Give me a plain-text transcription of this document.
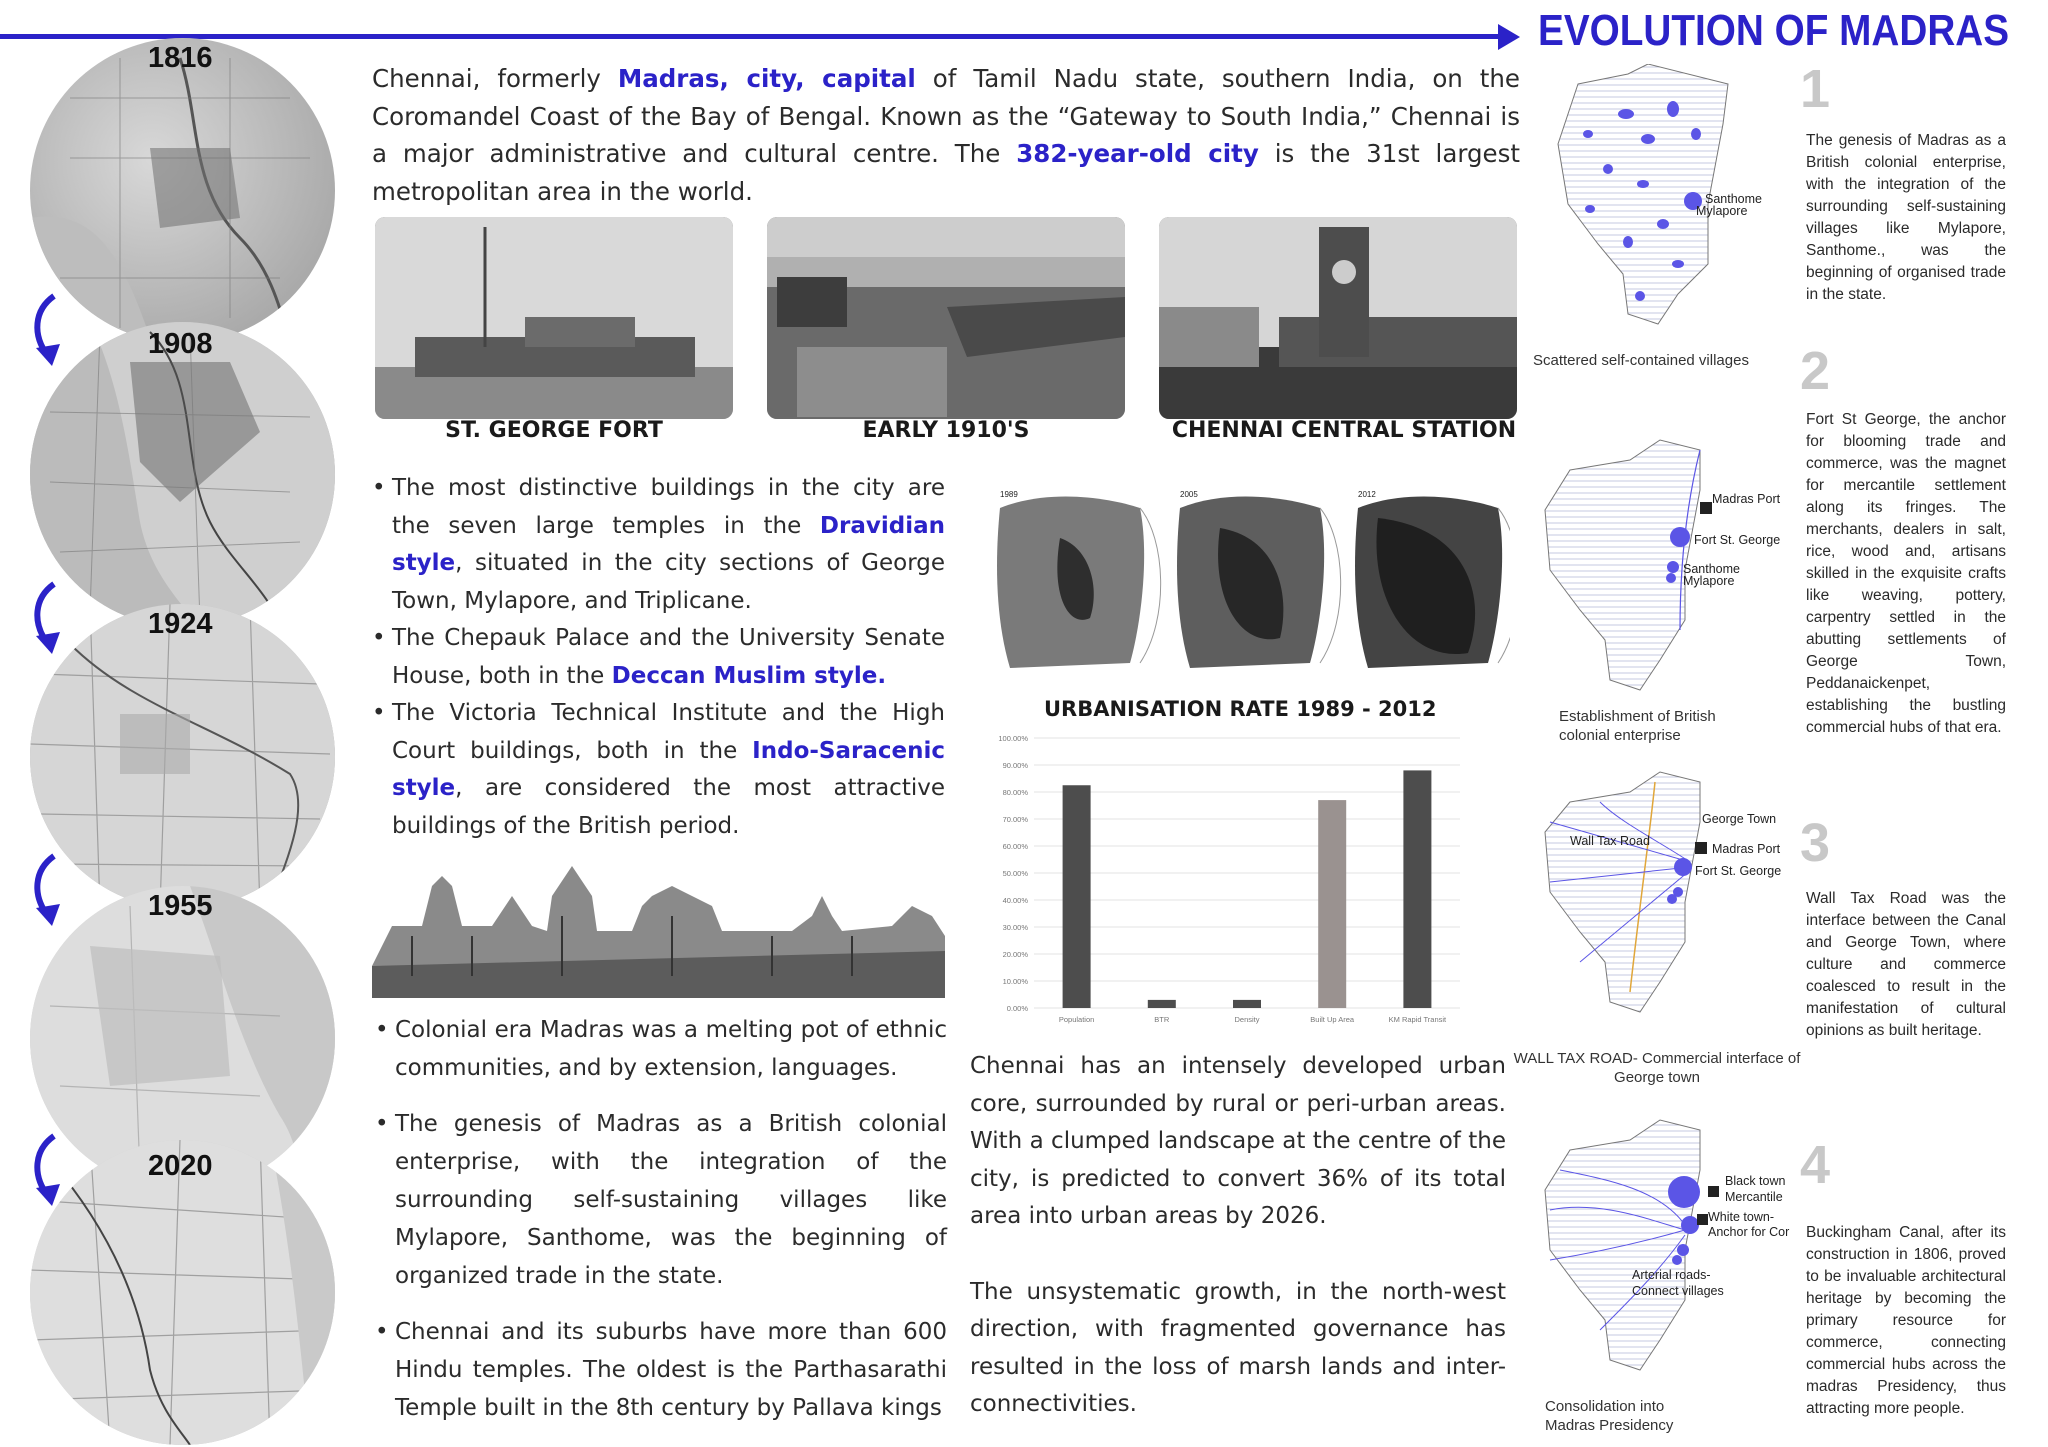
EVOLUTION OF MADRAS
1816
1908
1924
1955
2020
Chennai, formerly Madras, city, capital of Tamil Nadu state, southern India, on the Coromandel Coast of the Bay of Bengal. Known as the “Gateway to South India,” Chennai is a major administrative and cultural centre. The 382-year-old city is the 31st largest metropolitan area in the world.
ST. GEORGE FORT	EARLY 1910'S	CHENNAI CENTRAL STATION
• The most distinctive buildings in the city are the seven large temples in the Dravidian style, situated in the city sections of George Town, Mylapore, and Triplicane.
• The Chepauk Palace and the University Senate House, both in the Deccan Muslim style.
• The Victoria Technical Institute and the High Court buildings, both in the Indo-Saracenic style, are considered the most attractive buildings of the British period.
• Colonial era Madras was a melting pot of ethnic communities, and by extension, languages.
• The genesis of Madras as a British colonial enterprise, with the integration of the surrounding self-sustaining villages like Mylapore, Santhome, was the beginning of organized trade in the state.
• Chennai and its suburbs have more than 600 Hindu temples. The oldest is the Parthasarathi Temple built in the 8th century by Pallava kings
1989	2005	2012
URBANISATION RATE 1989 - 2012
0.00%
10.00%
20.00%
30.00%
40.00%
50.00%
60.00%
70.00%
80.00%
90.00%
100.00%
Population	BTR	Density	Built Up Area	KM Rapid Transit
Chennai has an intensely developed urban core, surrounded by rural or peri-urban areas. With a clumped landscape at the centre of the city, is predicted to convert 36% of its total area into urban areas by 2026.
The unsystematic growth, in the north-west direction, with fragmented governance has resulted in the loss of marsh lands and inter-connectivities.
Santhome
Mylapore
Scattered self-contained villages
Madras Port
Fort St. George
Santhome
Mylapore
Establishment of British colonial enterprise
Wall Tax Road
George Town
Madras Port
Fort St. George
WALL TAX ROAD- Commercial interface of George town
Black town
Mercantile
White town-
Anchor for Cor
Arterial roads-
Connect villages
Consolidation into Madras Presidency
1
The genesis of Madras as a British colonial enterprise, with the integration of the surrounding self-sustaining villages like Mylapore, Santhome., was the beginning of organised trade in the state.
2
Fort St George, the anchor for blooming trade and commerce, was the magnet for mercantile settlement along its fringes. The merchants, dealers in salt, rice, wood and, artisans skilled in the exquisite crafts like weaving, pottery, carpentry settled in the abutting settlements of George Town, Peddanaickenpet, establishing the bustling commercial hubs of that era.
3
Wall Tax Road was the interface between the Canal and George Town, where culture and commerce coalesced to result in the manifestation of cultural opinions as built heritage.
4
Buckingham Canal, after its construction in 1806, proved to be invaluable architectural heritage by becoming the primary resource for commerce, connecting commercial hubs across the madras Presidency, thus attracting more people.
